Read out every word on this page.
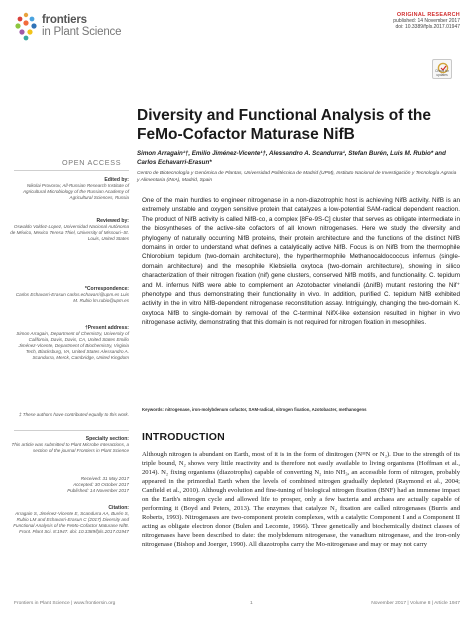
frontiers
in Plant Science
ORIGINAL RESEARCH
published: 14 November 2017
doi: 10.3389/fpls.2017.01947
Check for updates
Diversity and Functional Analysis of the FeMo-Cofactor Maturase NifB
Simon Arragain¹†, Emilio Jiménez-Vicente¹†, Alessandro A. Scandurra¹, Stefan Burén, Luis M. Rubio* and Carlos Echavarri-Erasun*
Centro de Biotecnología y Genómica de Plantas, Universidad Politécnica de Madrid (UPM), Instituto Nacional de Investigación y Tecnología Agraria y Alimentaria (INIA), Madrid, Spain
OPEN ACCESS
Edited by:
Nikolai Provorov, All-Russian Research Institute of Agricultural Microbiology of the Russian Academy of Agricultural Sciences, Russia
Reviewed by:
Oswaldo Valdez-Lopez, Universidad Nacional Autónoma de México, Mexico Teresa Thiel, University of Missouri–St. Louis, United States
*Correspondence:
Carlos Echavarri-Erasun carlos.echavarri@upm.es Luis M. Rubio lm.rubio@upm.es
†Present address:
Simon Arragain, Department of Chemistry, University of California, Davis, Davis, CA, United States Emilio Jiménez-Vicente, Department of Biochemistry, Virginia Tech, Blacksburg, VA, United States Alessandro A. Scandurra, Merck, Cambridge, United Kingdom
‡ These authors have contributed equally to this work.
Specialty section:
This article was submitted to Plant Microbe Interactions, a section of the journal Frontiers in Plant Science
Received: 31 May 2017
Accepted: 30 October 2017
Published: 14 November 2017
Citation:
Arragain S, Jiménez-Vicente E, Scandurra AA, Burén S, Rubio LM and Echavarri-Erasun C (2017) Diversity and Functional Analysis of the FeMo-Cofactor Maturase NifB. Front. Plant Sci. 8:1947. doi: 10.3389/fpls.2017.01947

One of the main hurdles to engineer nitrogenase in a non-diazotrophic host is achieving NifB activity. NifB is an extremely unstable and oxygen sensitive protein that catalyzes a low-potential SAM-radical dependent reaction. The product of NifB activity is called NifB-co, a complex [8Fe-9S-C] cluster that serves as obligate intermediate in the biosyntheses of the active-site cofactors of all known nitrogenases. Here we study the diversity and phylogeny of naturally occurring NifB proteins, their protein architecture and the functions of the distinct NifB domains in order to understand what defines a catalytically active NifB. Focus is on NifB from the thermophile Chlorobium tepidum (two-domain architecture), the hyperthermophile Methanocaldococcus infernus (single-domain architecture) and the mesophile Klebsiella oxytoca (two-domain architecture), showing in silico characterization of their nitrogen fixation (nif) gene clusters, conserved NifB motifs, and functionality. C. tepidum and M. infernus NifB were able to complement an Azotobacter vinelandii (ΔnifB) mutant restoring the Nif⁺ phenotype and thus demonstrating their functionality in vivo. In addition, purified C. tepidum NifB exhibited activity in the in vitro NifB-dependent nitrogenase reconstitution assay. Intriguingly, changing the two-domain K. oxytoca NifB to single-domain by removal of the C-terminal NifX-like extension resulted in higher in vivo nitrogenase activity, demonstrating that this domain is not required for nitrogen fixation in mesophiles.

Keywords: nitrogenase, iron-molybdenum cofactor, SAM-radical, nitrogen fixation, Azotobacter, methanogens
INTRODUCTION

Although nitrogen is abundant on Earth, most of it is in the form of dinitrogen (N≡N or N₂). Due to the strength of its triple bound, N₂ shows very little reactivity and is therefore not easily available to living organisms (Hoffman et al., 2014). N₂ fixing organisms (diazotrophs) capable of converting N₂ into NH₃, an accessible form of nitrogen, probably appeared in the primordial Earth when the levels of combined nitrogen gradually depleted (Raymond et al., 2004; Canfield et al., 2010). Although evolution and fine-tuning of biological nitrogen fixation (BNF) had an immense impact on the Earth's nitrogen cycle and allowed life to prosper, only a few bacteria and archaea are actually capable of performing it (Boyd and Peters, 2013). The enzymes that catalyze N₂ fixation are called nitrogenases (Burris and Roberts, 1993). Nitrogenases are two-component protein complexes, with a catalytic Component I and a Component II acting as obligate electron donor (Bulen and Lecomte, 1966). Three genetically and biochemically distinct classes of nitrogenases have been described to date: the molybdenum nitrogenase, the vanadium nitrogenase, and the iron-only nitrogenase (Bishop and Joerger, 1990). All diazotrophs carry the Mo-nitrogenase and may or may not carry

Frontiers in Plant Science | www.frontiersin.org	1	November 2017 | Volume 8 | Article 1947
